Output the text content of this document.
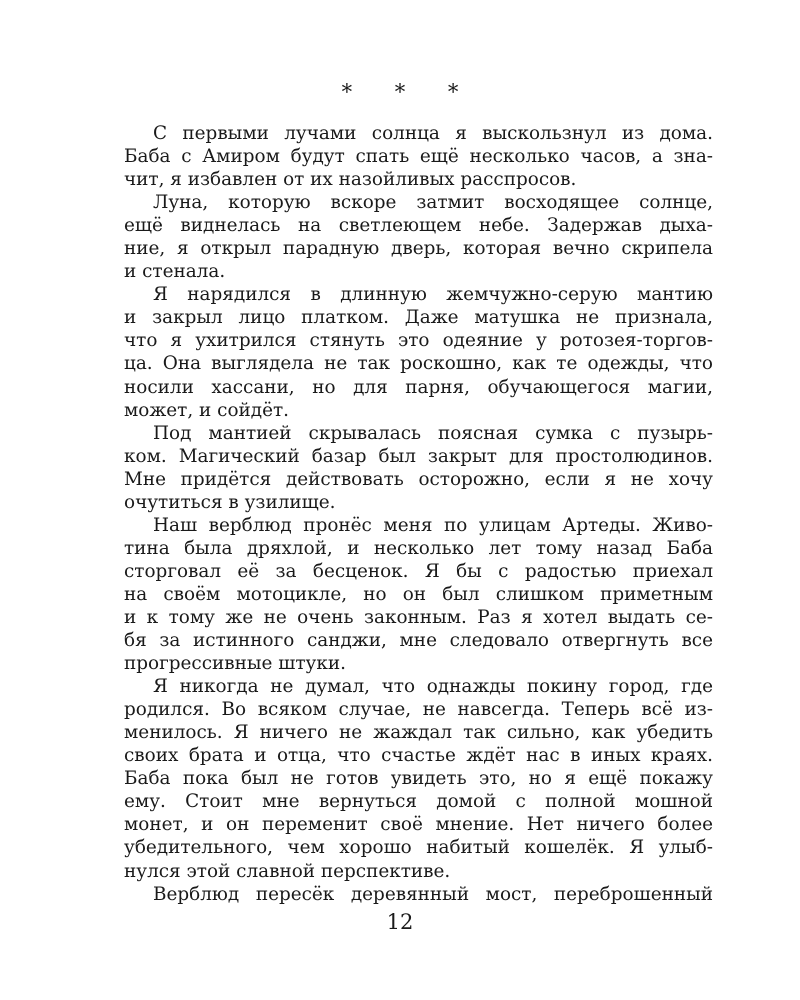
* * *
С первыми лучами солнца я выскользнул из дома.
Баба с Амиром будут спать ещё несколько часов, а зна-
чит, я избавлен от их назойливых расспросов.
Луна, которую вскоре затмит восходящее солнце,
ещё виднелась на светлеющем небе. Задержав дыха-
ние, я открыл парадную дверь, которая вечно скрипела
и стенала.
Я нарядился в длинную жемчужно-серую мантию
и закрыл лицо платком. Даже матушка не признала,
что я ухитрился стянуть это одеяние у ротозея-торгов-
ца. Она выглядела не так роскошно, как те одежды, что
носили хассани, но для парня, обучающегося магии,
может, и сойдёт.
Под мантией скрывалась поясная сумка с пузырь-
ком. Магический базар был закрыт для простолюдинов.
Мне придётся действовать осторожно, если я не хочу
очутиться в узилище.
Наш верблюд пронёс меня по улицам Артеды. Живо-
тина была дряхлой, и несколько лет тому назад Баба
сторговал её за бесценок. Я бы с радостью приехал
на своём мотоцикле, но он был слишком приметным
и к тому же не очень законным. Раз я хотел выдать се-
бя за истинного санджи, мне следовало отвергнуть все
прогрессивные штуки.
Я никогда не думал, что однажды покину город, где
родился. Во всяком случае, не навсегда. Теперь всё из-
менилось. Я ничего не жаждал так сильно, как убедить
своих брата и отца, что счастье ждёт нас в иных краях.
Баба пока был не готов увидеть это, но я ещё покажу
ему. Стоит мне вернуться домой с полной мошной
монет, и он переменит своё мнение. Нет ничего более
убедительного, чем хорошо набитый кошелёк. Я улыб-
нулся этой славной перспективе.
Верблюд пересёк деревянный мост, переброшенный
12
